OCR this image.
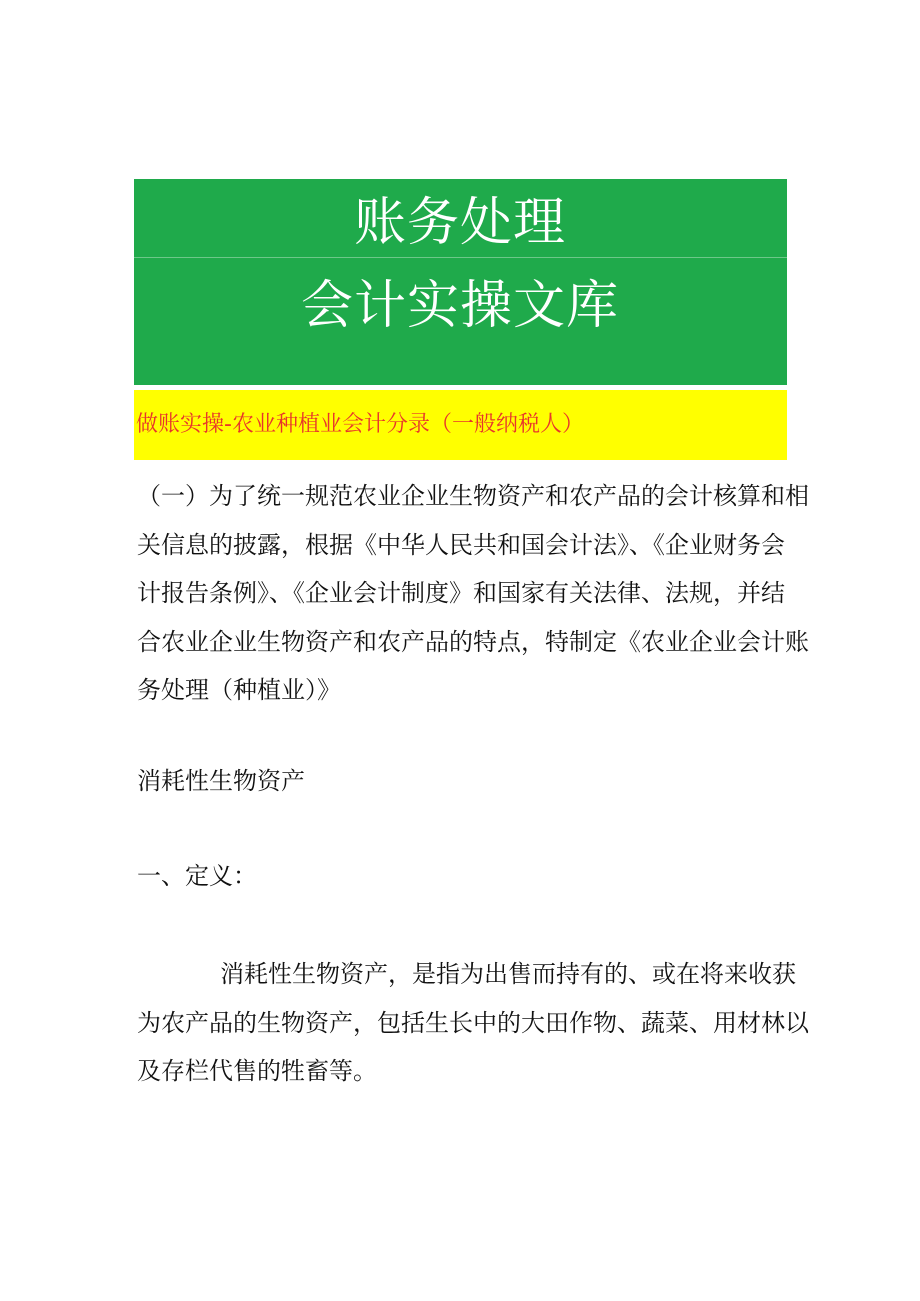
账务处理
会计实操文库
做账实操-农业种植业会计分录（一般纳税人）
（一）为了统一规范农业企业生物资产和农产品的会计核算和相
关信息的披露，根据《中华人民共和国会计法》、《企业财务会
计报告条例》、《企业会计制度》和国家有关法律、法规，并结
合农业企业生物资产和农产品的特点，特制定《农业企业会计账
务处理（种植业）》
消耗性生物资产
一、定义：
消耗性生物资产，是指为出售而持有的、或在将来收获
为农产品的生物资产，包括生长中的大田作物、蔬菜、用材林以
及存栏代售的牲畜等。
